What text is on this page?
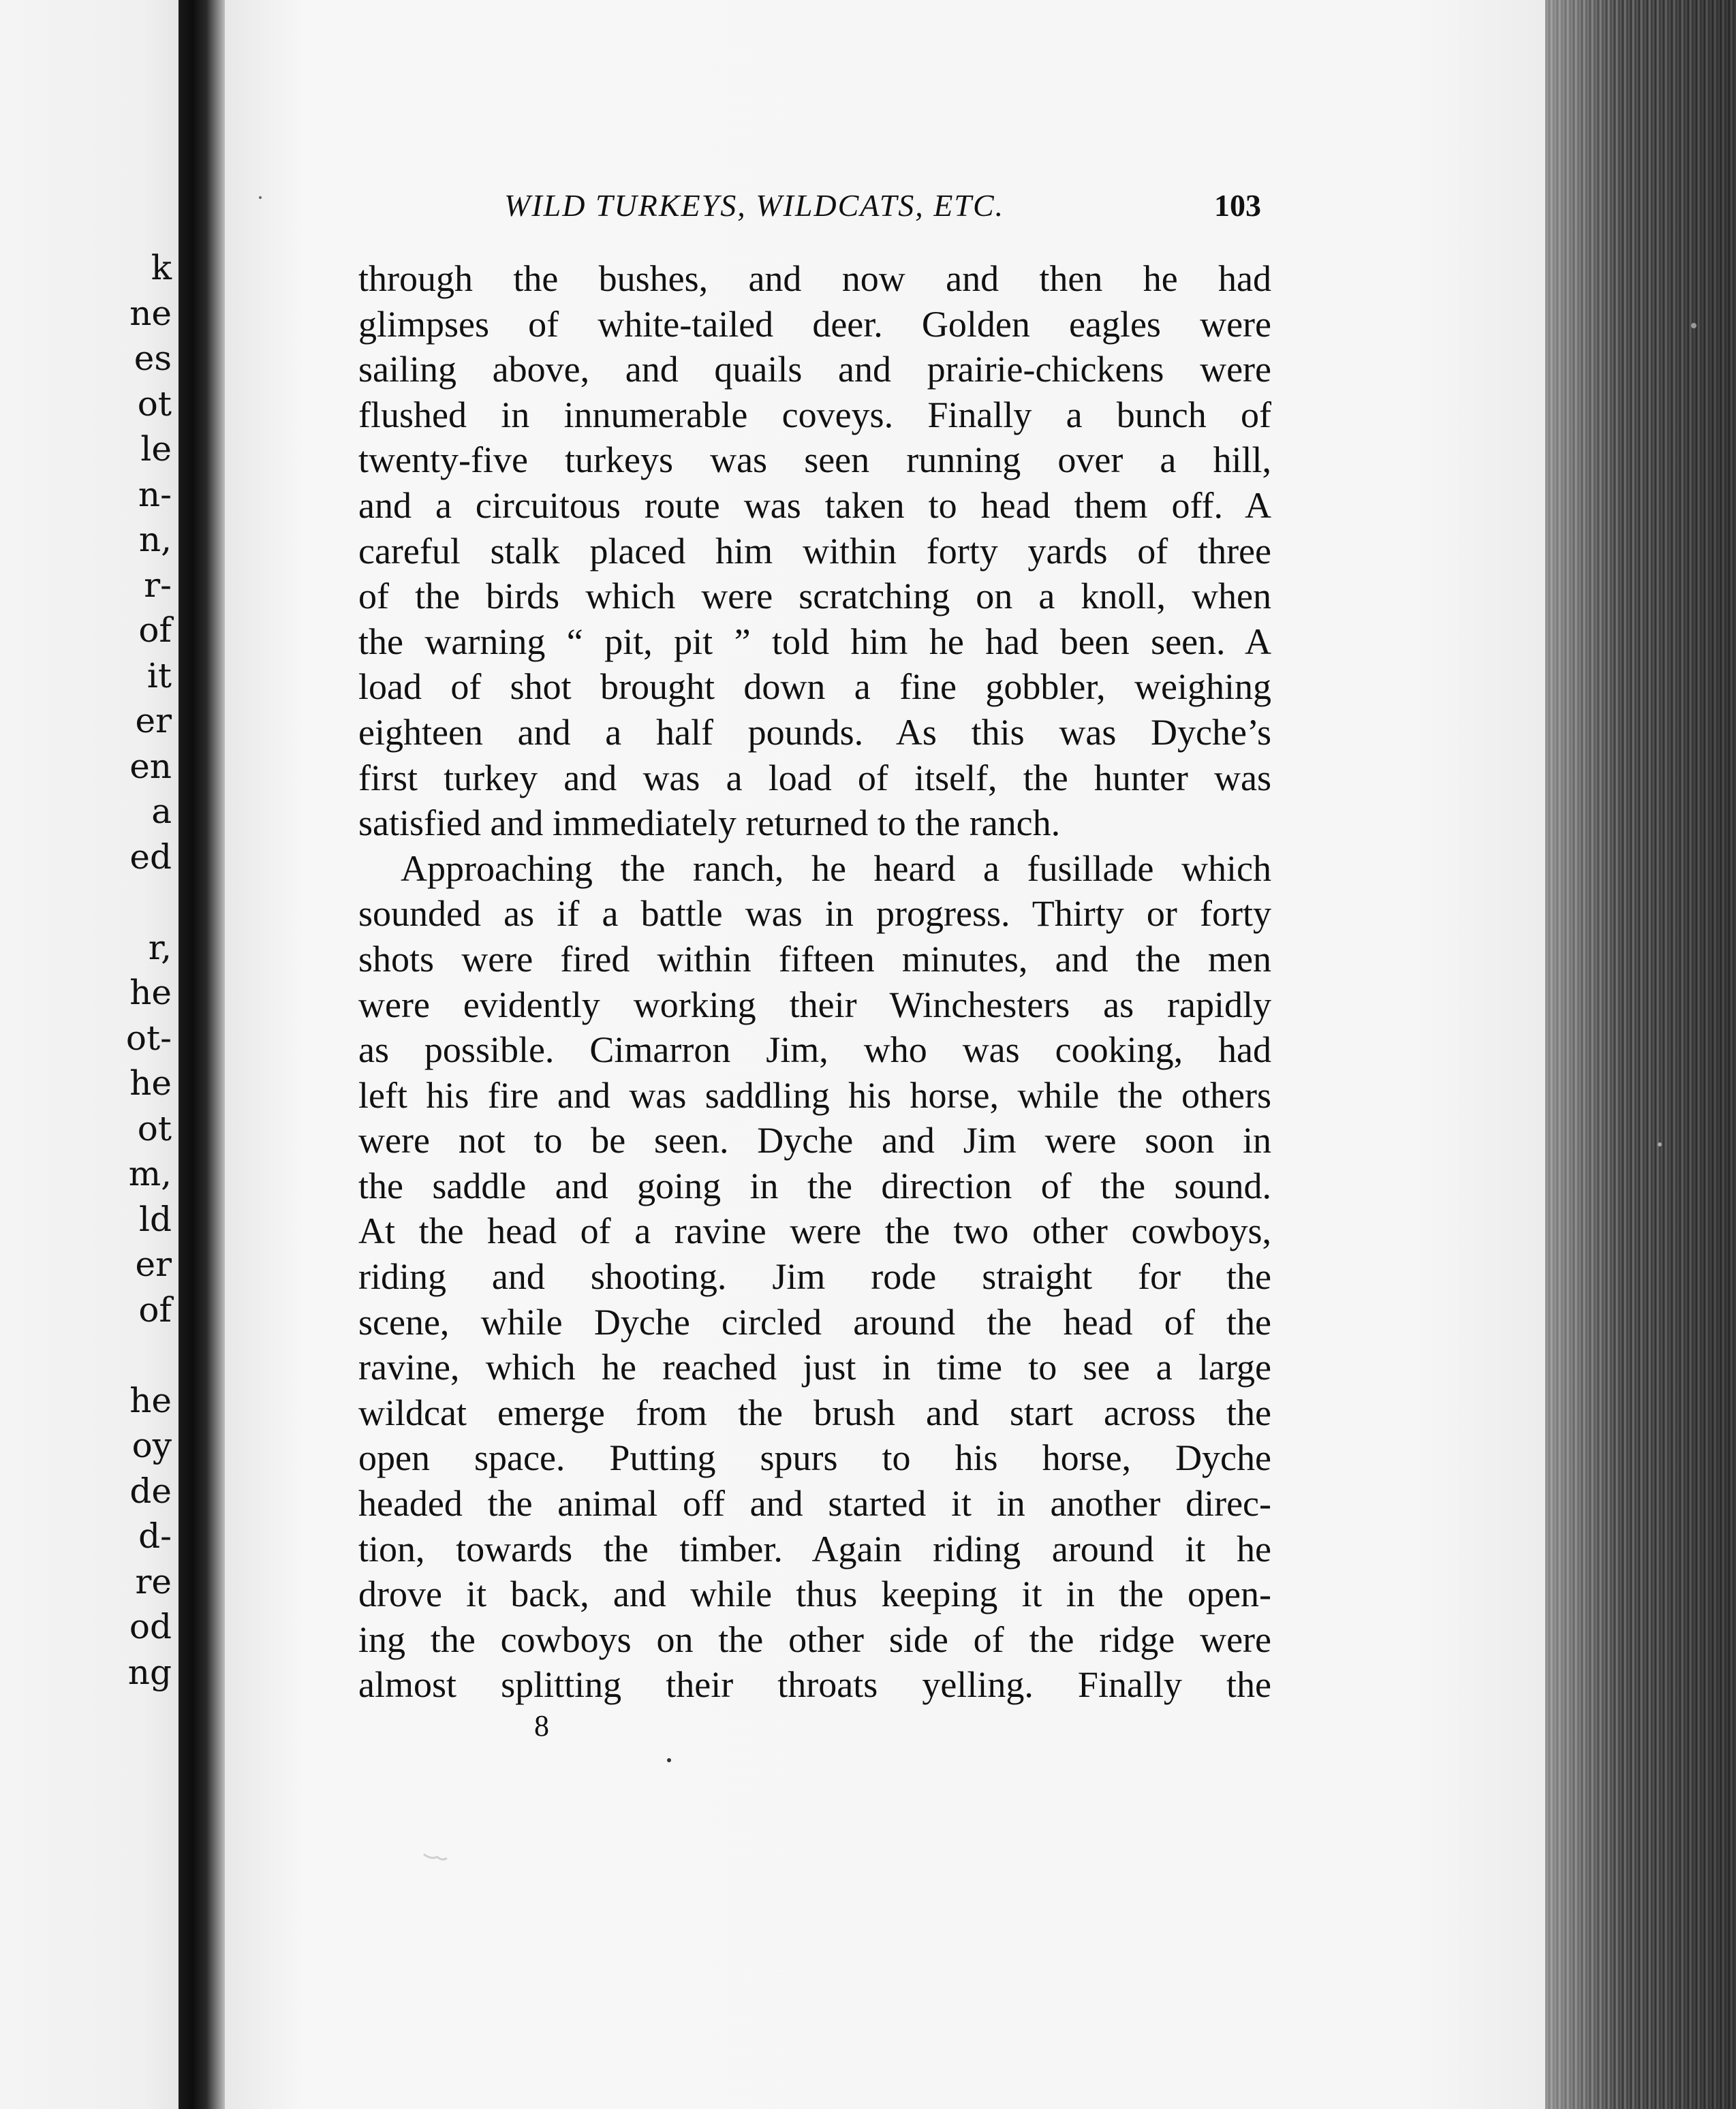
k
ne
es
ot
le
n-
n,
r-
of
it
er
en
a
ed
r,
he
ot-
he
ot
m,
ld
er
of
he
oy
de
d-
re
od
ng
WILD TURKEYS, WILDCATS, ETC.	103
through the bushes, and now and then he had
glimpses of white-tailed deer. Golden eagles were
sailing above, and quails and prairie-chickens were
flushed in innumerable coveys. Finally a bunch of
twenty-five turkeys was seen running over a hill,
and a circuitous route was taken to head them off. A
careful stalk placed him within forty yards of three
of the birds which were scratching on a knoll, when
the warning “ pit, pit ” told him he had been seen. A
load of shot brought down a fine gobbler, weighing
eighteen and a half pounds. As this was Dyche’s
first turkey and was a load of itself, the hunter was
satisfied and immediately returned to the ranch.
Approaching the ranch, he heard a fusillade which
sounded as if a battle was in progress. Thirty or forty
shots were fired within fifteen minutes, and the men
were evidently working their Winchesters as rapidly
as possible. Cimarron Jim, who was cooking, had
left his fire and was saddling his horse, while the others
were not to be seen. Dyche and Jim were soon in
the saddle and going in the direction of the sound.
At the head of a ravine were the two other cowboys,
riding and shooting. Jim rode straight for the
scene, while Dyche circled around the head of the
ravine, which he reached just in time to see a large
wildcat emerge from the brush and start across the
open space. Putting spurs to his horse, Dyche
headed the animal off and started it in another direc-
tion, towards the timber. Again riding around it he
drove it back, and while thus keeping it in the open-
ing the cowboys on the other side of the ridge were
almost splitting their throats yelling. Finally the
8
